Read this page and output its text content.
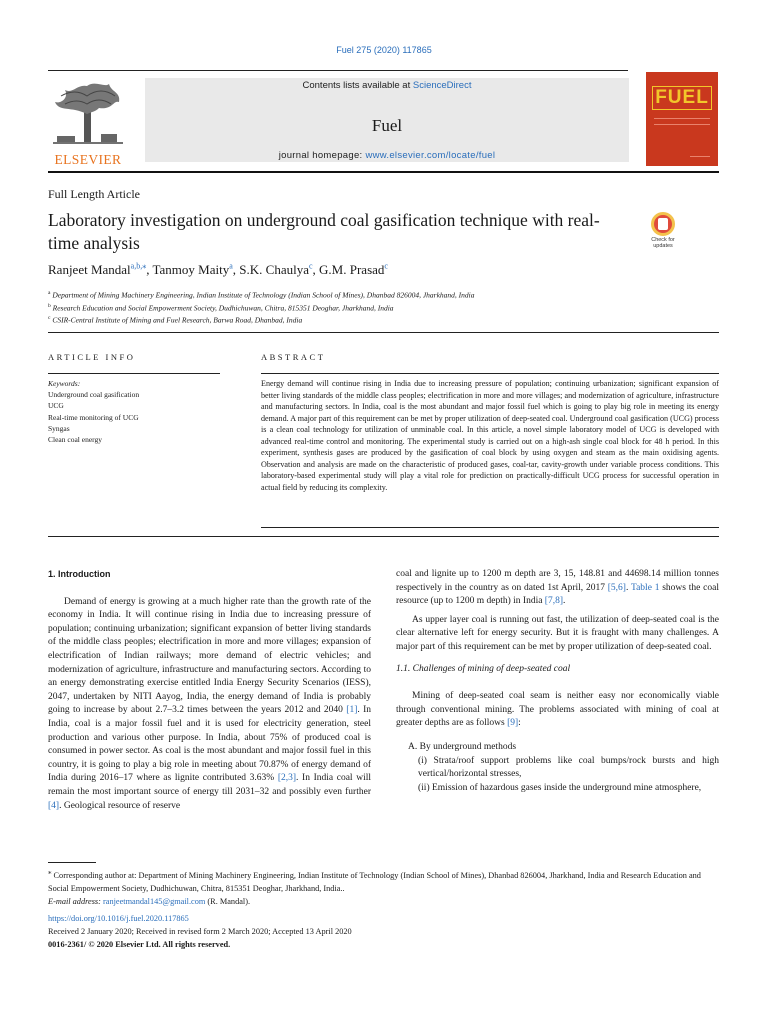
Fuel 275 (2020) 117865
ELSEVIER
Contents lists available at ScienceDirect
Fuel
journal homepage: www.elsevier.com/locate/fuel
FUEL
Full Length Article
Laboratory investigation on underground coal gasification technique with real-time analysis	Check for updates
Ranjeet Mandal$^{a,b,⁎}$, Tanmoy Maity$^a$, S.K. Chaulya$^c$, G.M. Prasad$^c$
$^a$ Department of Mining Machinery Engineering, Indian Institute of Technology (Indian School of Mines), Dhanbad 826004, Jharkhand, India
$^b$ Research Education and Social Empowerment Society, Dudhichuwan, Chitra, 815351 Deoghar, Jharkhand, India
$^c$ CSIR-Central Institute of Mining and Fuel Research, Barwa Road, Dhanbad, India
ARTICLE INFO	ABSTRACT
Keywords:
Underground coal gasification
UCG
Real-time monitoring of UCG
Syngas
Clean coal energy

Energy demand will continue rising in India due to increasing pressure of population; continuing urbanization; significant expansion of better living standards of the middle class peoples; electrification in more and more villages; and modernization of agriculture, infrastructure and manufacturing sectors. In India, coal is the most abundant and major fossil fuel which is going to play big role in meeting its energy demand. A major part of this requirement can be met by proper utilization of deep-seated coal. Underground coal gasification (UCG) process is a clean coal technology for utilization of unminable coal. In this article, a novel simple laboratory model of UCG is developed with advanced real-time control and monitoring. The experimental study is carried out on a high-ash single coal block for 48 h period. In this experiment, synthesis gases are produced by the gasification of coal block by using oxygen and steam as the main oxidising agents. Observation and analysis are made on the characteristic of produced gases, coal-tar, cavity-growth under variable process conditions. This laboratory-based experimental study will play a vital role for prediction on practically-difficult UCG process for successful operation in actual field by reducing its complexity.

1. Introduction

Demand of energy is growing at a much higher rate than the growth rate of the economy in India. It will continue rising in India due to increasing pressure of population; continuing urbanization; significant expansion of better living standards of the middle class peoples; electrification in more and more villages; expansion of electrification of Indian railways; more demand of electric vehicles; and modernization of agriculture, infrastructure and manufacturing sectors. According to an energy demonstrating exercise entitled India Energy Security Scenarios (IESS), 2047, undertaken by NITI Aayog, India, the energy demand of India is probably going to increase by about 2.7–3.2 times between the years 2012 and 2040 [1]. In India, coal is a major fossil fuel and it is used for electricity generation, steel production and various other purpose. In India, about 75% of produced coal is consumed in power sector. As coal is the most abundant and major fossil fuel in this country, it is going to play a big role in meeting about 70.87% of energy demand of India during 2016–17 where as lignite contributed 3.63% [2,3]. In India coal will remain the most important source of energy till 2031–32 and possibly even further [4]. Geological resource of reserve

coal and lignite up to 1200 m depth are 3, 15, 148.81 and 44698.14 million tonnes respectively in the country as on dated 1st April, 2017 [5,6]. Table 1 shows the coal resource (up to 1200 m depth) in India [7,8].

As upper layer coal is running out fast, the utilization of deep-seated coal is the clear alternative left for energy security. But it is fraught with many challenges. A major part of this requirement can be met by proper utilization of deep-seated coal.

1.1. Challenges of mining of deep-seated coal

Mining of deep-seated coal seam is neither easy nor economically viable through conventional mining. The problems associated with mining of coal at greater depths are as follows [9]:

A. By underground methods
(i) Strata/roof support problems like coal bumps/rock bursts and high vertical/horizontal stresses,
(ii) Emission of hazardous gases inside the underground mine atmosphere,
⁎ Corresponding author at: Department of Mining Machinery Engineering, Indian Institute of Technology (Indian School of Mines), Dhanbad 826004, Jharkhand, India and Research Education and Social Empowerment Society, Dudhichuwan, Chitra, 815351 Deoghar, Jharkhand, India..
E-mail address: ranjeetmandal145@gmail.com (R. Mandal).
https://doi.org/10.1016/j.fuel.2020.117865
Received 2 January 2020; Received in revised form 2 March 2020; Accepted 13 April 2020
0016-2361/ © 2020 Elsevier Ltd. All rights reserved.
